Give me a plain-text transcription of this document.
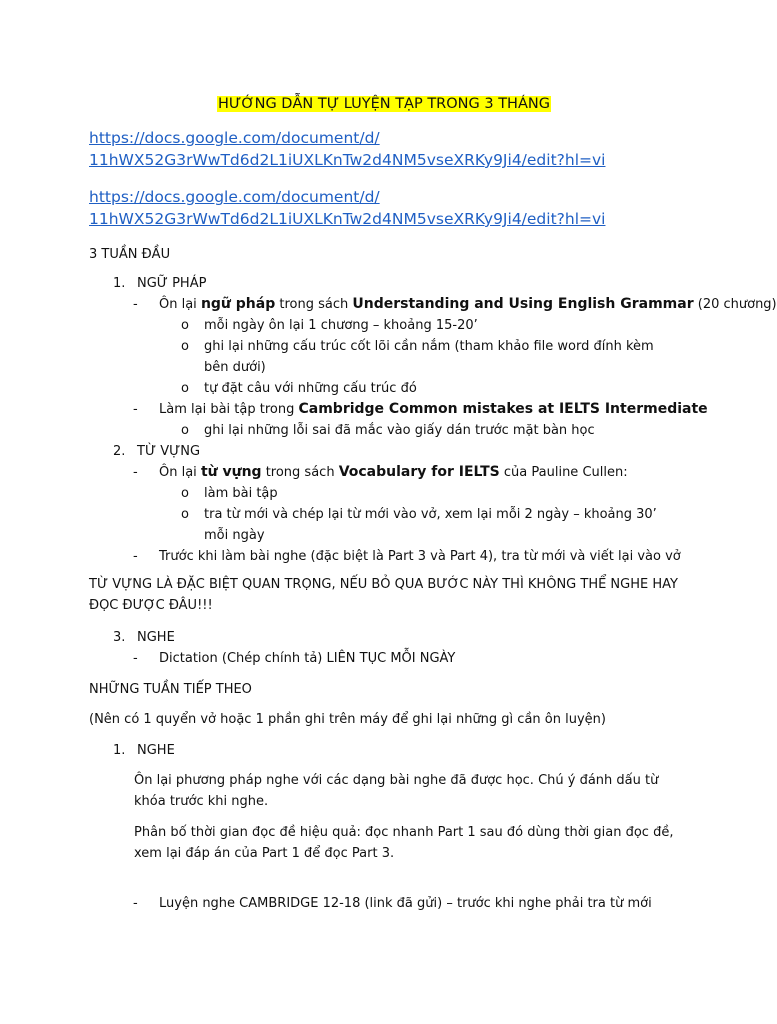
HƯỚNG DẪN TỰ LUYỆN TẠP TRONG 3 THÁNG
https://docs.google.com/document/d/
11hWX52G3rWwTd6d2L1iUXLKnTw2d4NM5vseXRKy9Ji4/edit?hl=vi
https://docs.google.com/document/d/
11hWX52G3rWwTd6d2L1iUXLKnTw2d4NM5vseXRKy9Ji4/edit?hl=vi
3 TUẦN ĐẦU
1. NGỮ PHÁP
- Ôn lại ngữ pháp trong sách Understanding and Using English Grammar (20 chương)
o mỗi ngày ôn lại 1 chương – khoảng 15-20’
o ghi lại những cấu trúc cốt lõi cần nắm (tham khảo file word đính kèm bên dưới)
o tự đặt câu với những cấu trúc đó
- Làm lại bài tập trong Cambridge Common mistakes at IELTS Intermediate
o ghi lại những lỗi sai đã mắc vào giấy dán trước mặt bàn học
2. TỪ VỰNG
- Ôn lại từ vựng trong sách Vocabulary for IELTS của Pauline Cullen:
o làm bài tập
o tra từ mới và chép lại từ mới vào vở, xem lại mỗi 2 ngày – khoảng 30’ mỗi ngày
- Trước khi làm bài nghe (đặc biệt là Part 3 và Part 4), tra từ mới và viết lại vào vở
TỪ VỰNG LÀ ĐẶC BIỆT QUAN TRỌNG, NẾU BỎ QUA BƯỚC NÀY THÌ KHÔNG THỂ NGHE HAY ĐỌC ĐƯỢC ĐÂU!!!
3. NGHE
- Dictation (Chép chính tả) LIÊN TỤC MỖI NGÀY
NHỮNG TUẦN TIẾP THEO
(Nên có 1 quyển vở hoặc 1 phần ghi trên máy để ghi lại những gì cần ôn luyện)
1. NGHE
Ôn lại phương pháp nghe với các dạng bài nghe đã được học. Chú ý đánh dấu từ khóa trước khi nghe.
Phân bố thời gian đọc đề hiệu quả: đọc nhanh Part 1 sau đó dùng thời gian đọc đề, xem lại đáp án của Part 1 để đọc Part 3.
- Luyện nghe CAMBRIDGE 12-18 (link đã gửi) – trước khi nghe phải tra từ mới
